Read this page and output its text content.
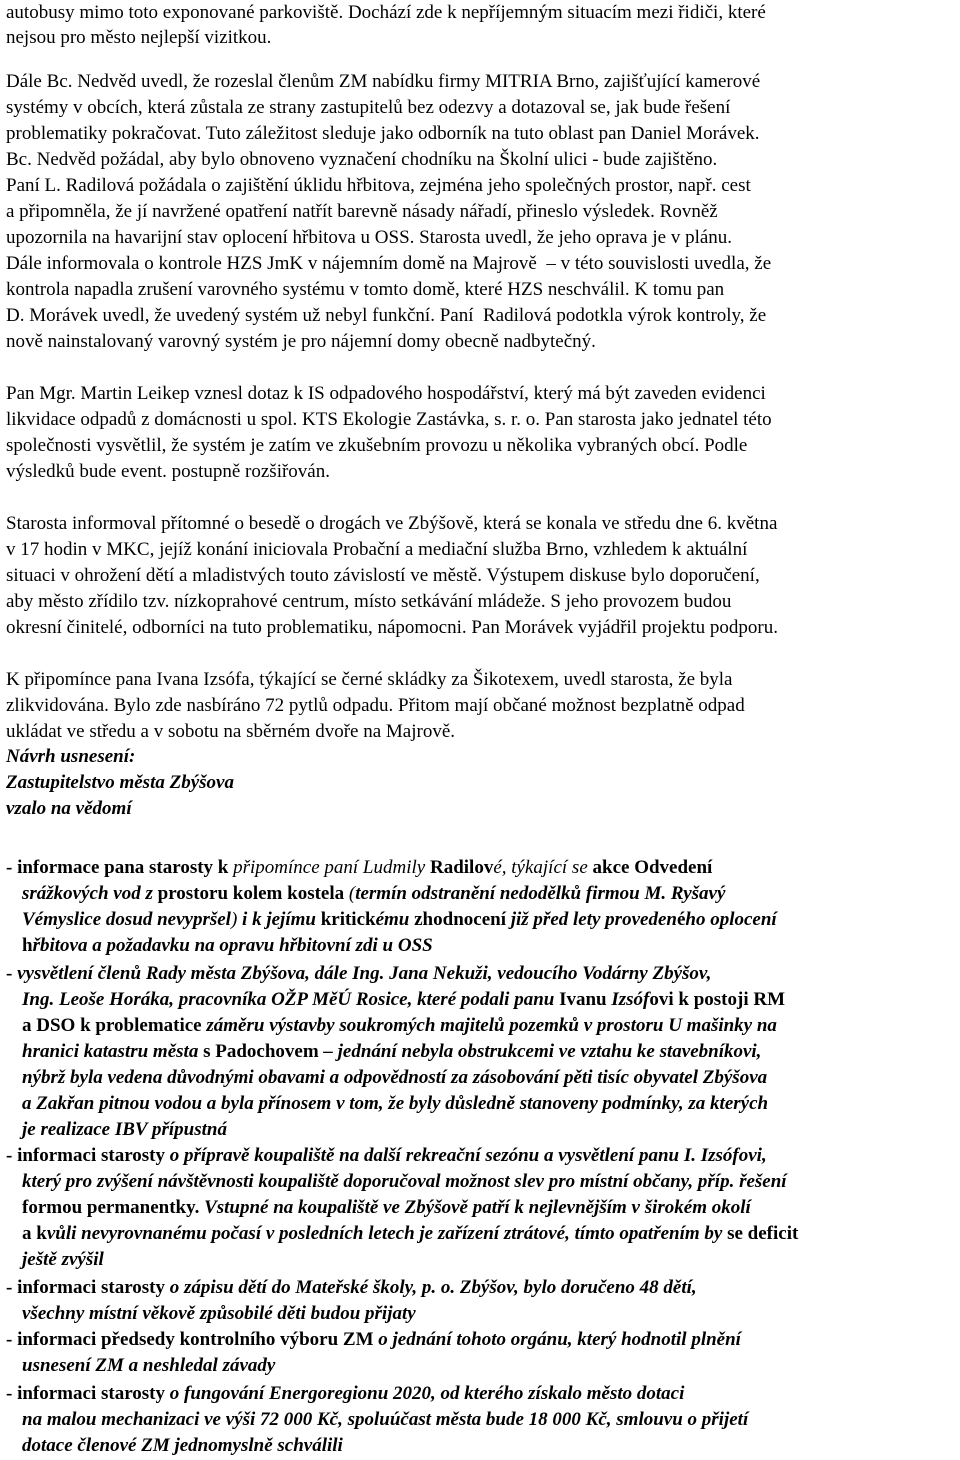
autobusy mimo toto exponované parkoviště. Dochází zde k nepříjemným situacím mezi řidiči, které
nejsou pro město nejlepší vizitkou.
Dále Bc. Nedvěd uvedl, že rozeslal členům ZM nabídku firmy MITRIA Brno, zajišťující kamerové
systémy v obcích, která zůstala ze strany zastupitelů bez odezvy a dotazoval se, jak bude řešení
problematiky pokračovat. Tuto záležitost sleduje jako odborník na tuto oblast pan Daniel Morávek.
Bc. Nedvěd požádal, aby bylo obnoveno vyznačení chodníku na Školní ulici - bude zajištěno.
Paní L. Radilová požádala o zajištění úklidu hřbitova, zejména jeho společných prostor, např. cest
a připomněla, že jí navržené opatření natřít barevně násady nářadí, přineslo výsledek. Rovněž
upozornila na havarijní stav oplocení hřbitova u OSS. Starosta uvedl, že jeho oprava je v plánu.
Dále informovala o kontrole HZS JmK v nájemním domě na Majrově  – v této souvislosti uvedla, že
kontrola napadla zrušení varovného systému v tomto domě, které HZS neschválil. K tomu pan
D. Morávek uvedl, že uvedený systém už nebyl funkční. Paní  Radilová podotkla výrok kontroly, že
nově nainstalovaný varovný systém je pro nájemní domy obecně nadbytečný.
Pan Mgr. Martin Leikep vznesl dotaz k IS odpadového hospodářství, který má být zaveden evidenci
likvidace odpadů z domácnosti u spol. KTS Ekologie Zastávka, s. r. o. Pan starosta jako jednatel této
společnosti vysvětlil, že systém je zatím ve zkušebním provozu u několika vybraných obcí. Podle
výsledků bude event. postupně rozšiřován.
Starosta informoval přítomné o besedě o drogách ve Zbýšově, která se konala ve středu dne 6. května
v 17 hodin v MKC, jejíž konání iniciovala Probační a mediační služba Brno, vzhledem k aktuální
situaci v ohrožení dětí a mladistvých touto závislostí ve městě. Výstupem diskuse bylo doporučení,
aby město zřídilo tzv. nízkoprahové centrum, místo setkávání mládeže. S jeho provozem budou
okresní činitelé, odborníci na tuto problematiku, nápomocni. Pan Morávek vyjádřil projektu podporu.
K připomínce pana Ivana Izsófa, týkající se černé skládky za Šikotexem, uvedl starosta, že byla
zlikvidována. Bylo zde nasbíráno 72 pytlů odpadu. Přitom mají občané možnost bezplatně odpad
ukládat ve středu a v sobotu na sběrném dvoře na Majrově.
Návrh usnesení:
Zastupitelstvo města Zbýšova
vzalo na vědomí
- informace pana starosty k připomínce paní Ludmily Radilové, týkající se akce Odvedení
srážkových vod z prostoru kolem kostela (termín odstranění nedodělků firmou M. Ryšavý
Vémyslice dosud nevypršel) i k jejímu kritickému zhodnocení již před lety provedeného oplocení
hřbitova a požadavku na opravu hřbitovní zdi u OSS
- vysvětlení členů Rady města Zbýšova, dále Ing. Jana Nekuži, vedoucího Vodárny Zbýšov,
Ing. Leoše Horáka, pracovníka OŽP MěÚ Rosice, které podali panu Ivanu Izsófovi k postoji RM
a DSO k problematice záměru výstavby soukromých majitelů pozemků v prostoru U mašinky na
hranici katastru města s Padochovem – jednání nebyla obstrukcemi ve vztahu ke stavebníkovi,
nýbrž byla vedena důvodnými obavami a odpovědností za zásobování pěti tisíc obyvatel Zbýšova
a Zakřan pitnou vodou a byla přínosem v tom, že byly důsledně stanoveny podmínky, za kterých
je realizace IBV přípustná
- informaci starosty o přípravě koupaliště na další rekreační sezónu a vysvětlení panu I. Izsófovi,
který pro zvýšení návštěvnosti koupaliště doporučoval možnost slev pro místní občany, příp. řešení
formou permanentky. Vstupné na koupaliště ve Zbýšově patří k nejlevnějším v širokém okolí
a kvůli nevyrovnanému počasí v posledních letech je zařízení ztrátové, tímto opatřením by se deficit
ještě zvýšil
- informaci starosty o zápisu dětí do Mateřské školy, p. o. Zbýšov, bylo doručeno 48 dětí,
všechny místní věkově způsobilé děti budou přijaty
- informaci předsedy kontrolního výboru ZM o jednání tohoto orgánu, který hodnotil plnění
usnesení ZM a neshledal závady
- informaci starosty o fungování Energoregionu 2020, od kterého získalo město dotaci
na malou mechanizaci ve výši 72 000 Kč, spoluúčast města bude 18 000 Kč, smlouvu o přijetí
dotace členové ZM jednomyslně schválili
